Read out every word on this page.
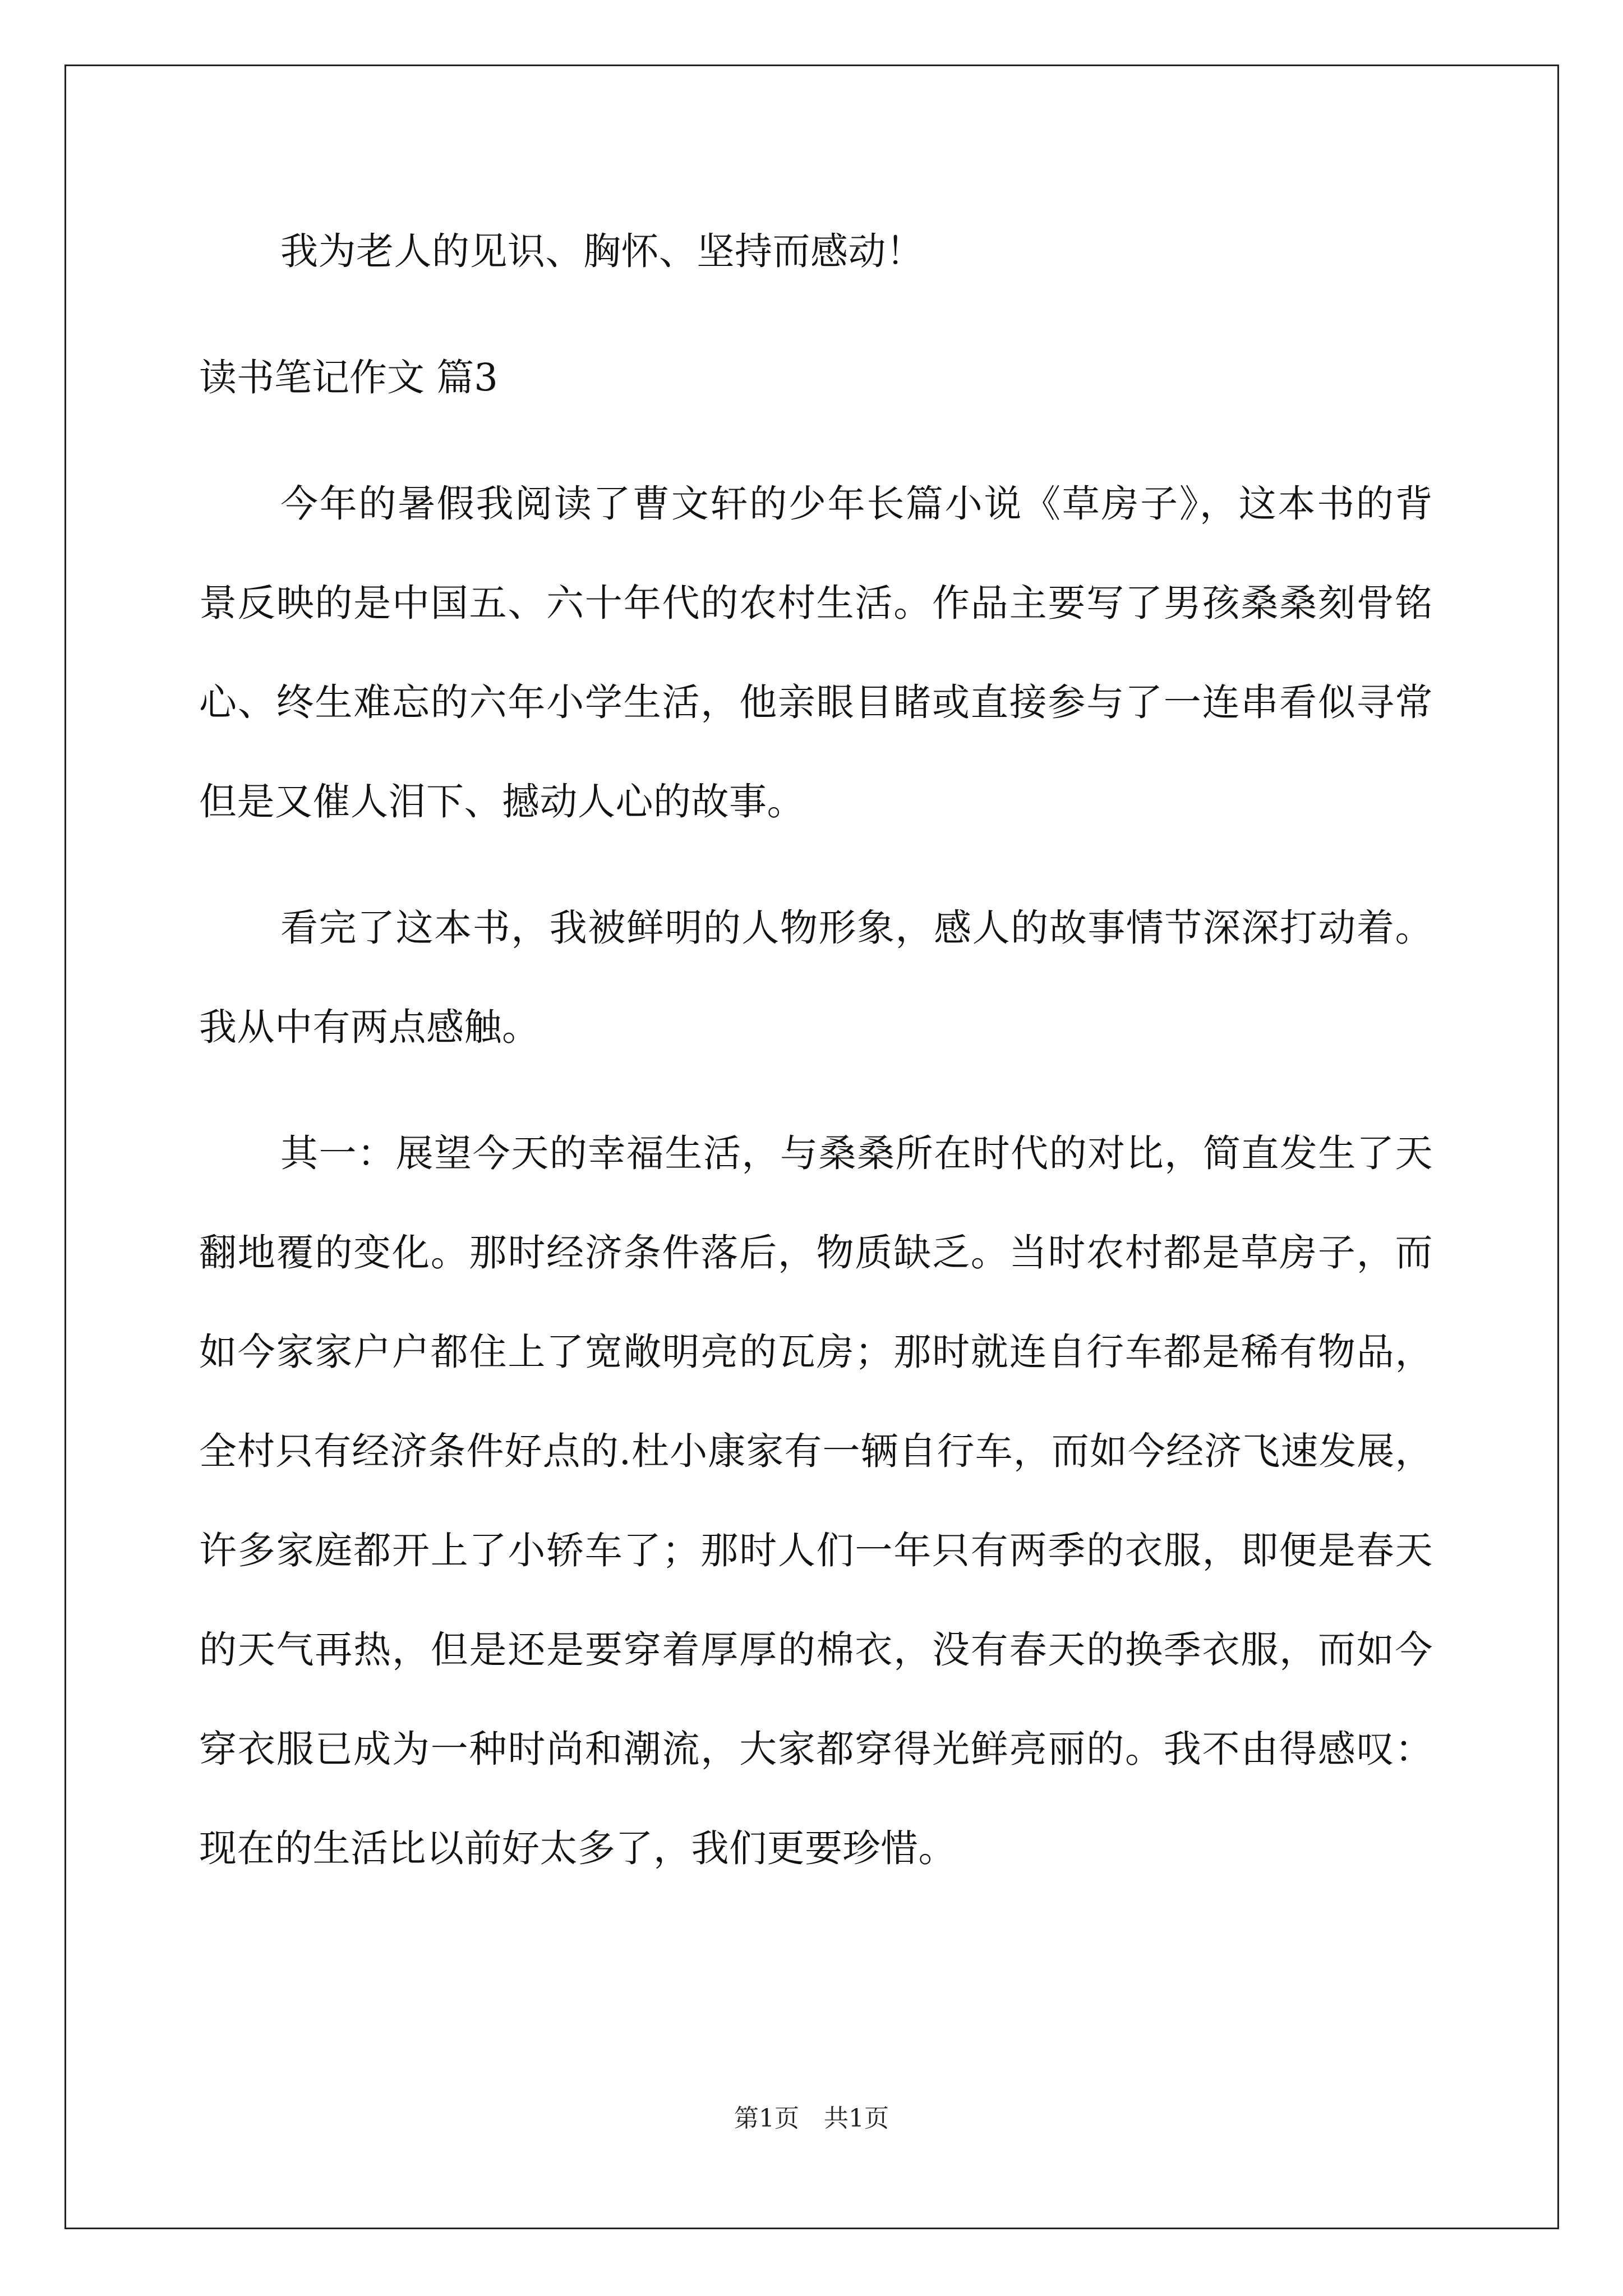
我为老人的见识、胸怀、坚持而感动！

读书笔记作文 篇3

今年的暑假我阅读了曹文轩的少年长篇小说《草房子》，这本书的背景反映的是中国五、六十年代的农村生活。作品主要写了男孩桑桑刻骨铭心、终生难忘的六年小学生活，他亲眼目睹或直接参与了一连串看似寻常但是又催人泪下、撼动人心的故事。

看完了这本书，我被鲜明的人物形象，感人的故事情节深深打动着。我从中有两点感触。

其一：展望今天的幸福生活，与桑桑所在时代的对比，简直发生了天翻地覆的变化。那时经济条件落后，物质缺乏。当时农村都是草房子，而如今家家户户都住上了宽敞明亮的瓦房；那时就连自行车都是稀有物品，全村只有经济条件好点的.杜小康家有一辆自行车，而如今经济飞速发展，许多家庭都开上了小轿车了；那时人们一年只有两季的衣服，即便是春天的天气再热，但是还是要穿着厚厚的棉衣，没有春天的换季衣服，而如今穿衣服已成为一种时尚和潮流，大家都穿得光鲜亮丽的。我不由得感叹：现在的生活比以前好太多了，我们更要珍惜。

第1页　共1页
